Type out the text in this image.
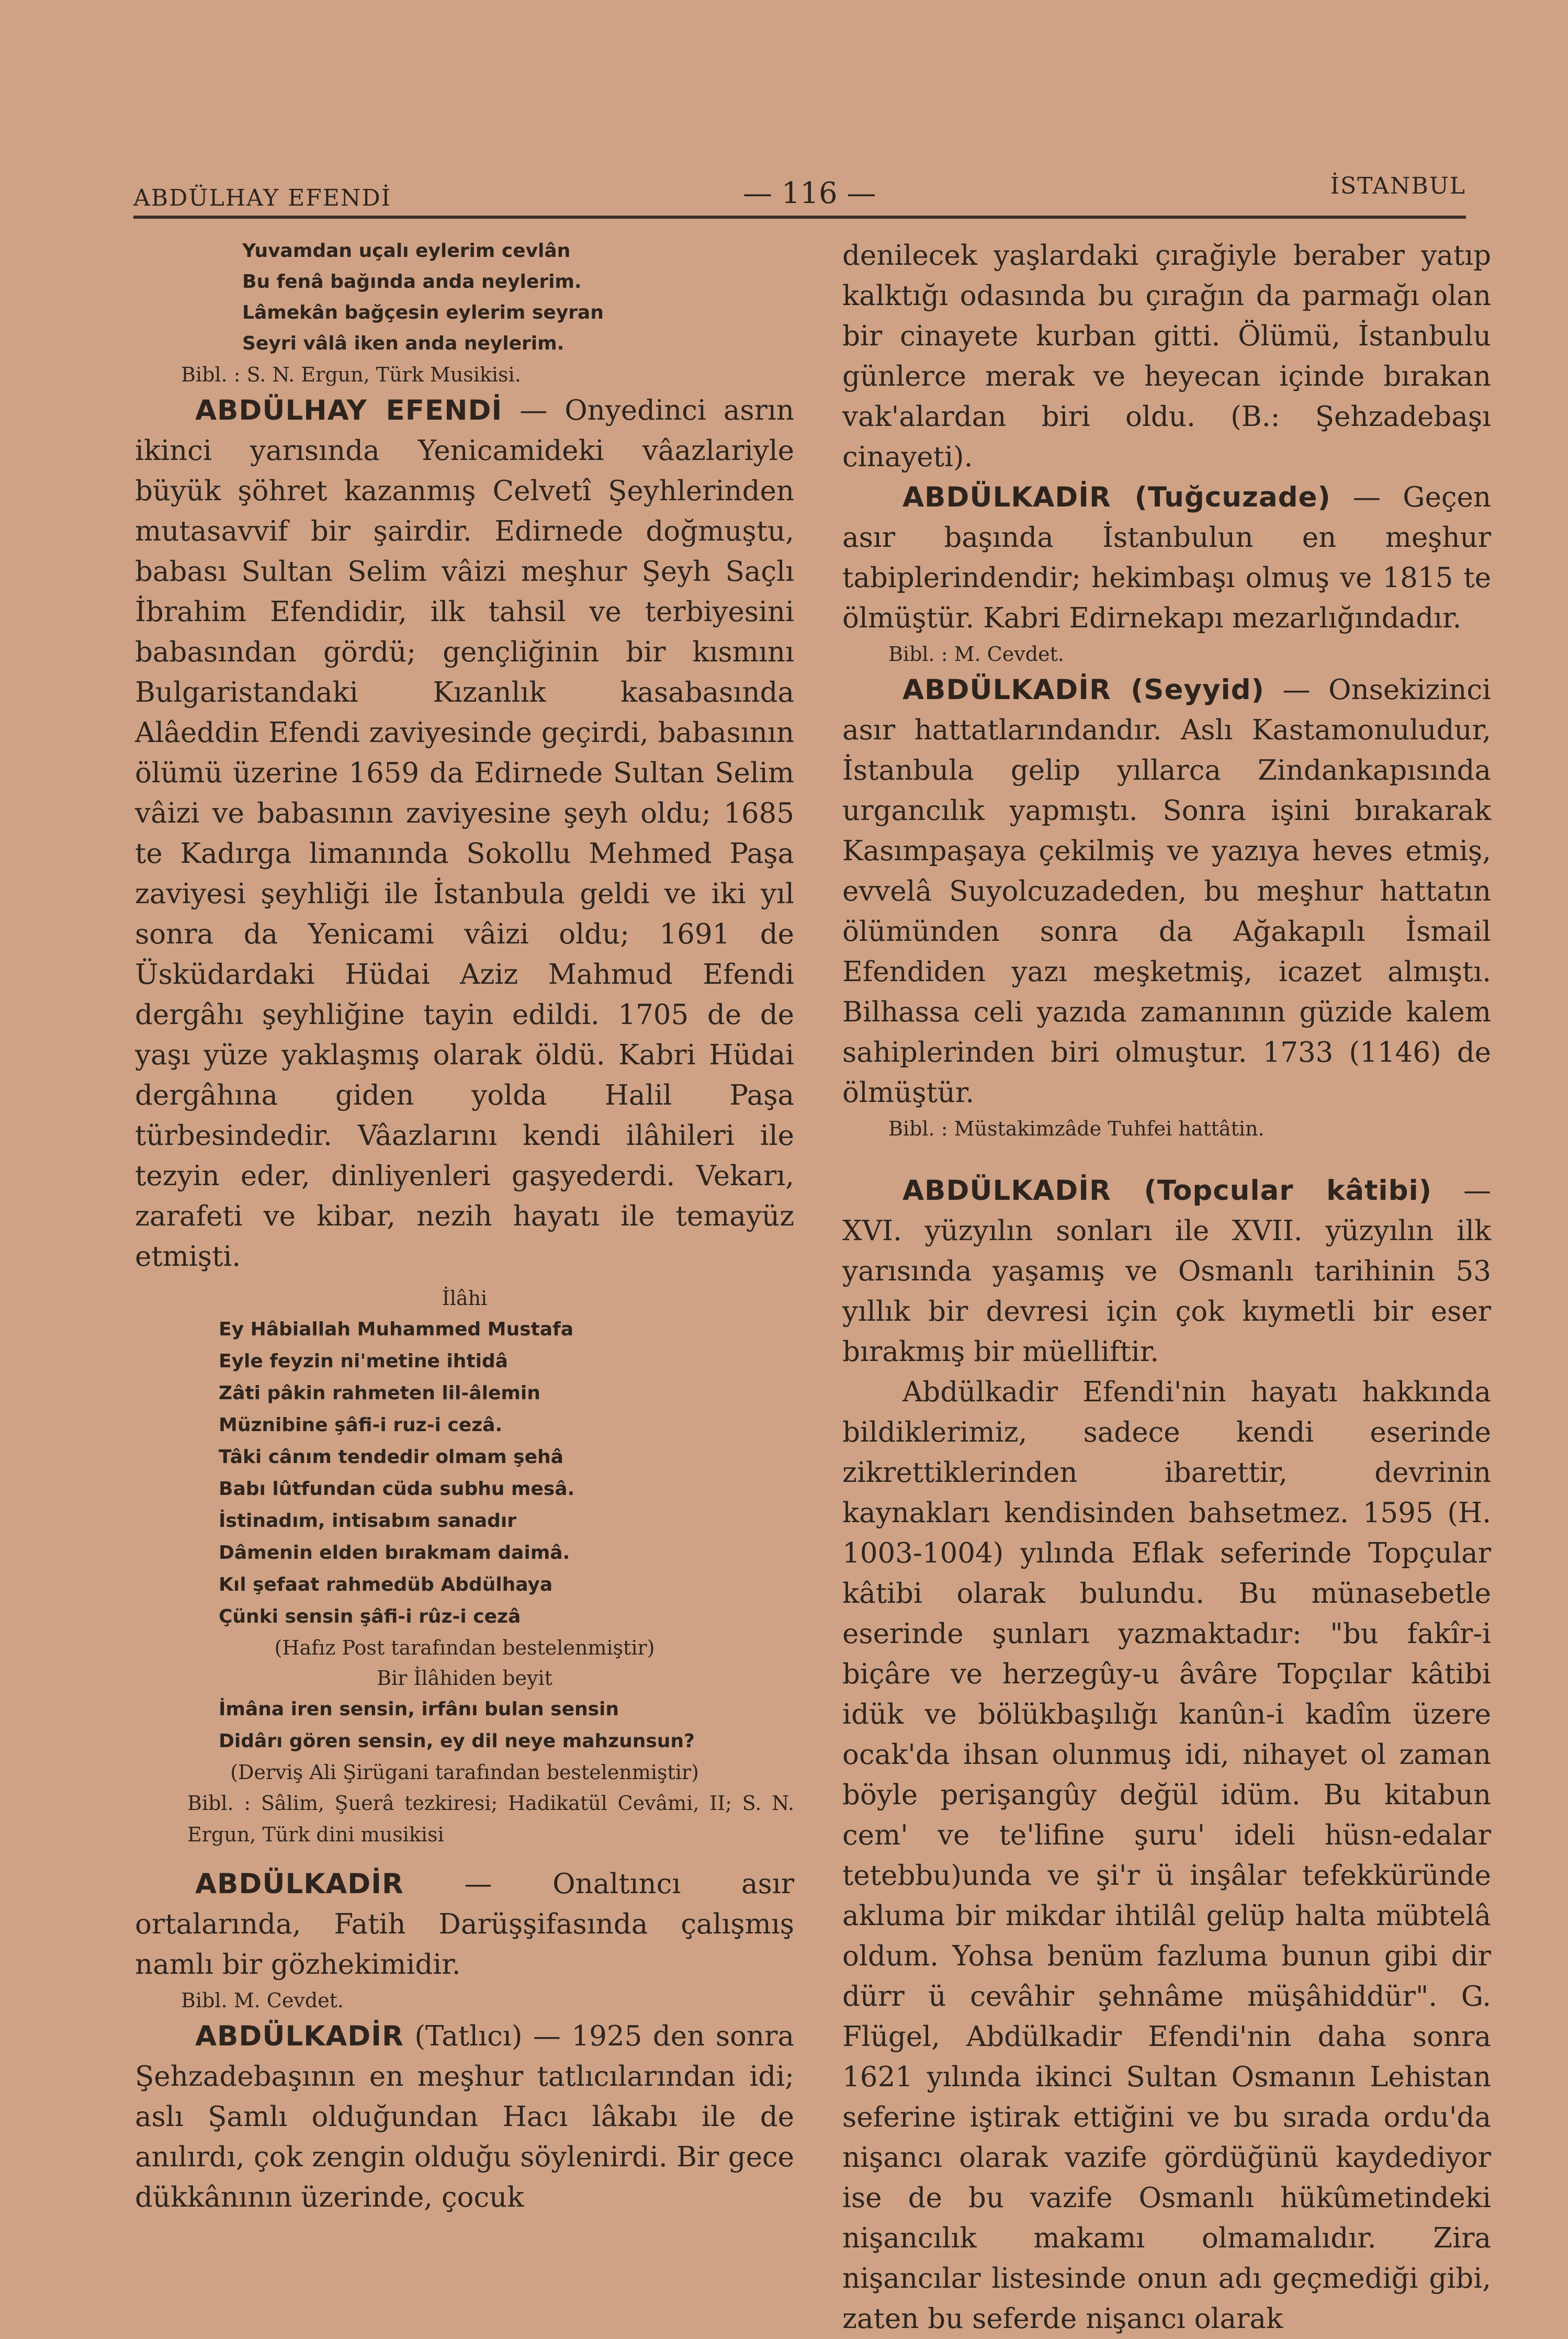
ABDÜLHAY EFENDİ	— 116 —	İSTANBUL
Yuvamdan uçalı eylerim cevlân
Bu fenâ bağında anda neylerim.
Lâmekân bağçesin eylerim seyran
Seyri vâlâ iken anda neylerim.

Bibl. : S. N. Ergun, Türk Musikisi.

ABDÜLHAY EFENDİ — Onyedinci asrın ikinci yarısında Yenicamideki vâazlariyle büyük şöhret kazanmış Celvetî Şeyhlerinden mutasavvif bir şairdir. Edirnede doğmuştu, babası Sultan Selim vâizi meşhur Şeyh Saçlı İbrahim Efendidir, ilk tahsil ve terbiyesini babasından gördü; gençliğinin bir kısmını Bulgaristandaki Kızanlık kasabasında Alâeddin Efendi zaviyesinde geçirdi, babasının ölümü üzerine 1659 da Edirnede Sultan Selim vâizi ve babasının zaviyesine şeyh oldu; 1685 te Kadırga limanında Sokollu Mehmed Paşa zaviyesi şeyhliği ile İstanbula geldi ve iki yıl sonra da Yenicami vâizi oldu; 1691 de Üsküdardaki Hüdai Aziz Mahmud Efendi dergâhı şeyhliğine tayin edildi. 1705 de de yaşı yüze yaklaşmış olarak öldü. Kabri Hüdai dergâhına giden yolda Halil Paşa türbesindedir. Vâazlarını kendi ilâhileri ile tezyin eder, dinliyenleri gaşyederdi. Vekarı, zarafeti ve kibar, nezih hayatı ile temayüz etmişti.

İlâhi

Ey Hâbiallah Muhammed Mustafa
Eyle feyzin ni'metine ihtidâ
Zâti pâkin rahmeten lil-âlemin
Müznibine şâfi-i ruz-i cezâ.
Tâki cânım tendedir olmam şehâ
Babı lûtfundan cüda subhu mesâ.
İstinadım, intisabım sanadır
Dâmenin elden bırakmam daimâ.
Kıl şefaat rahmedüb Abdülhaya
Çünki sensin şâfi-i rûz-i cezâ

(Hafız Post tarafından bestelenmiştir)

Bir İlâhiden beyit

İmâna iren sensin, irfânı bulan sensin
Didârı gören sensin, ey dil neye mahzunsun?

(Derviş Ali Şirügani tarafından bestelenmiştir)

Bibl. : Sâlim, Şuerâ tezkiresi; Hadikatül Cevâmi, II; S. N. Ergun, Türk dini musikisi

ABDÜLKADİR — Onaltıncı asır ortalarında, Fatih Darüşşifasında çalışmış namlı bir gözhekimidir.

Bibl. M. Cevdet.

ABDÜLKADİR (Tatlıcı) — 1925 den sonra Şehzadebaşının en meşhur tatlıcılarından idi; aslı Şamlı olduğundan Hacı lâkabı ile de anılırdı, çok zengin olduğu söylenirdi. Bir gece dükkânının üzerinde, çocuk

denilecek yaşlardaki çırağiyle beraber yatıp kalktığı odasında bu çırağın da parmağı olan bir cinayete kurban gitti. Ölümü, İstanbulu günlerce merak ve heyecan içinde bırakan vak'alardan biri oldu. (B.: Şehzadebaşı cinayeti).

ABDÜLKADİR (Tuğcuzade) — Geçen asır başında İstanbulun en meşhur tabiplerindendir; hekimbaşı olmuş ve 1815 te ölmüştür. Kabri Edirnekapı mezarlığındadır.

Bibl. : M. Cevdet.

ABDÜLKADİR (Seyyid) — Onsekizinci asır hattatlarındandır. Aslı Kastamonuludur, İstanbula gelip yıllarca Zindankapısında urgancılık yapmıştı. Sonra işini bırakarak Kasımpaşaya çekilmiş ve yazıya heves etmiş, evvelâ Suyolcuzadeden, bu meşhur hattatın ölümünden sonra da Ağakapılı İsmail Efendiden yazı meşketmiş, icazet almıştı. Bilhassa celi yazıda zamanının güzide kalem sahiplerinden biri olmuştur. 1733 (1146) de ölmüştür.

Bibl. : Müstakimzâde Tuhfei hattâtin.

ABDÜLKADİR (Topcular kâtibi) — XVI. yüzyılın sonları ile XVII. yüzyılın ilk yarısında yaşamış ve Osmanlı tarihinin 53 yıllık bir devresi için çok kıymetli bir eser bırakmış bir müelliftir.

Abdülkadir Efendi'nin hayatı hakkında bildiklerimiz, sadece kendi eserinde zikrettiklerinden ibarettir, devrinin kaynakları kendisinden bahsetmez. 1595 (H. 1003-1004) yılında Eflak seferinde Topçular kâtibi olarak bulundu. Bu münasebetle eserinde şunları yazmaktadır: "bu fakîr-i biçâre ve herzegûy-u âvâre Topçılar kâtibi idük ve bölükbaşılığı kanûn-i kadîm üzere ocak'da ihsan olunmuş idi, nihayet ol zaman böyle perişangûy değül idüm. Bu kitabun cem' ve te'lifine şuru' ideli hüsn-edalar tetebbu)unda ve şi'r ü inşâlar tefekküründe akluma bir mikdar ihtilâl gelüp halta mübtelâ oldum. Yohsa benüm fazluma bunun gibi dir dürr ü cevâhir şehnâme müşâhiddür". G. Flügel, Abdülkadir Efendi'nin daha sonra 1621 yılında ikinci Sultan Osmanın Lehistan seferine iştirak ettiğini ve bu sırada ordu'da nişancı olarak vazife gördüğünü kaydediyor ise de bu vazife Osmanlı hükûmetindeki nişancılık makamı olmamalıdır. Zira nişancılar listesinde onun adı geçmediği gibi, zaten bu seferde nişancı olarak
